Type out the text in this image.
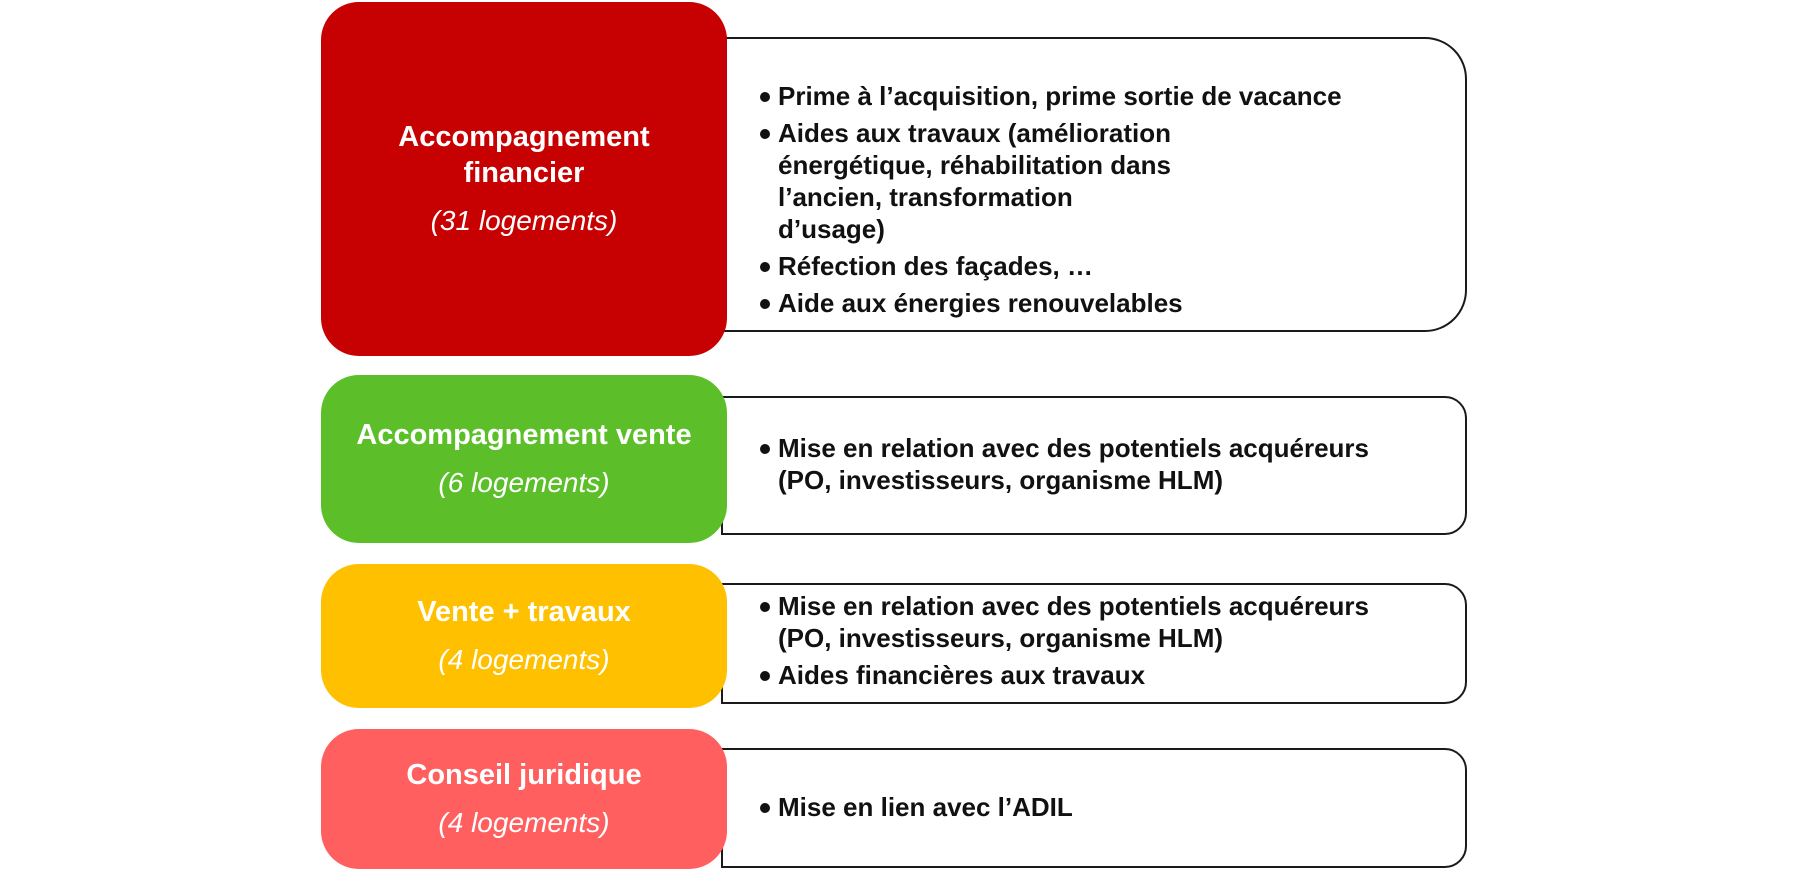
Accompagnement
financier
(31 logements)
Prime à l’acquisition, prime sortie de vacance
Aides aux travaux (amélioration énergétique, réhabilitation dans l’ancien, transformation d’usage)
Réfection des façades, …
Aide aux énergies renouvelables
Accompagnement vente
(6 logements)
Mise en relation avec des potentiels acquéreurs (PO, investisseurs, organisme HLM)
Vente + travaux
(4 logements)
Mise en relation avec des potentiels acquéreurs (PO, investisseurs, organisme HLM)
Aides financières aux travaux
Conseil juridique
(4 logements)	Mise en lien avec l’ADIL
